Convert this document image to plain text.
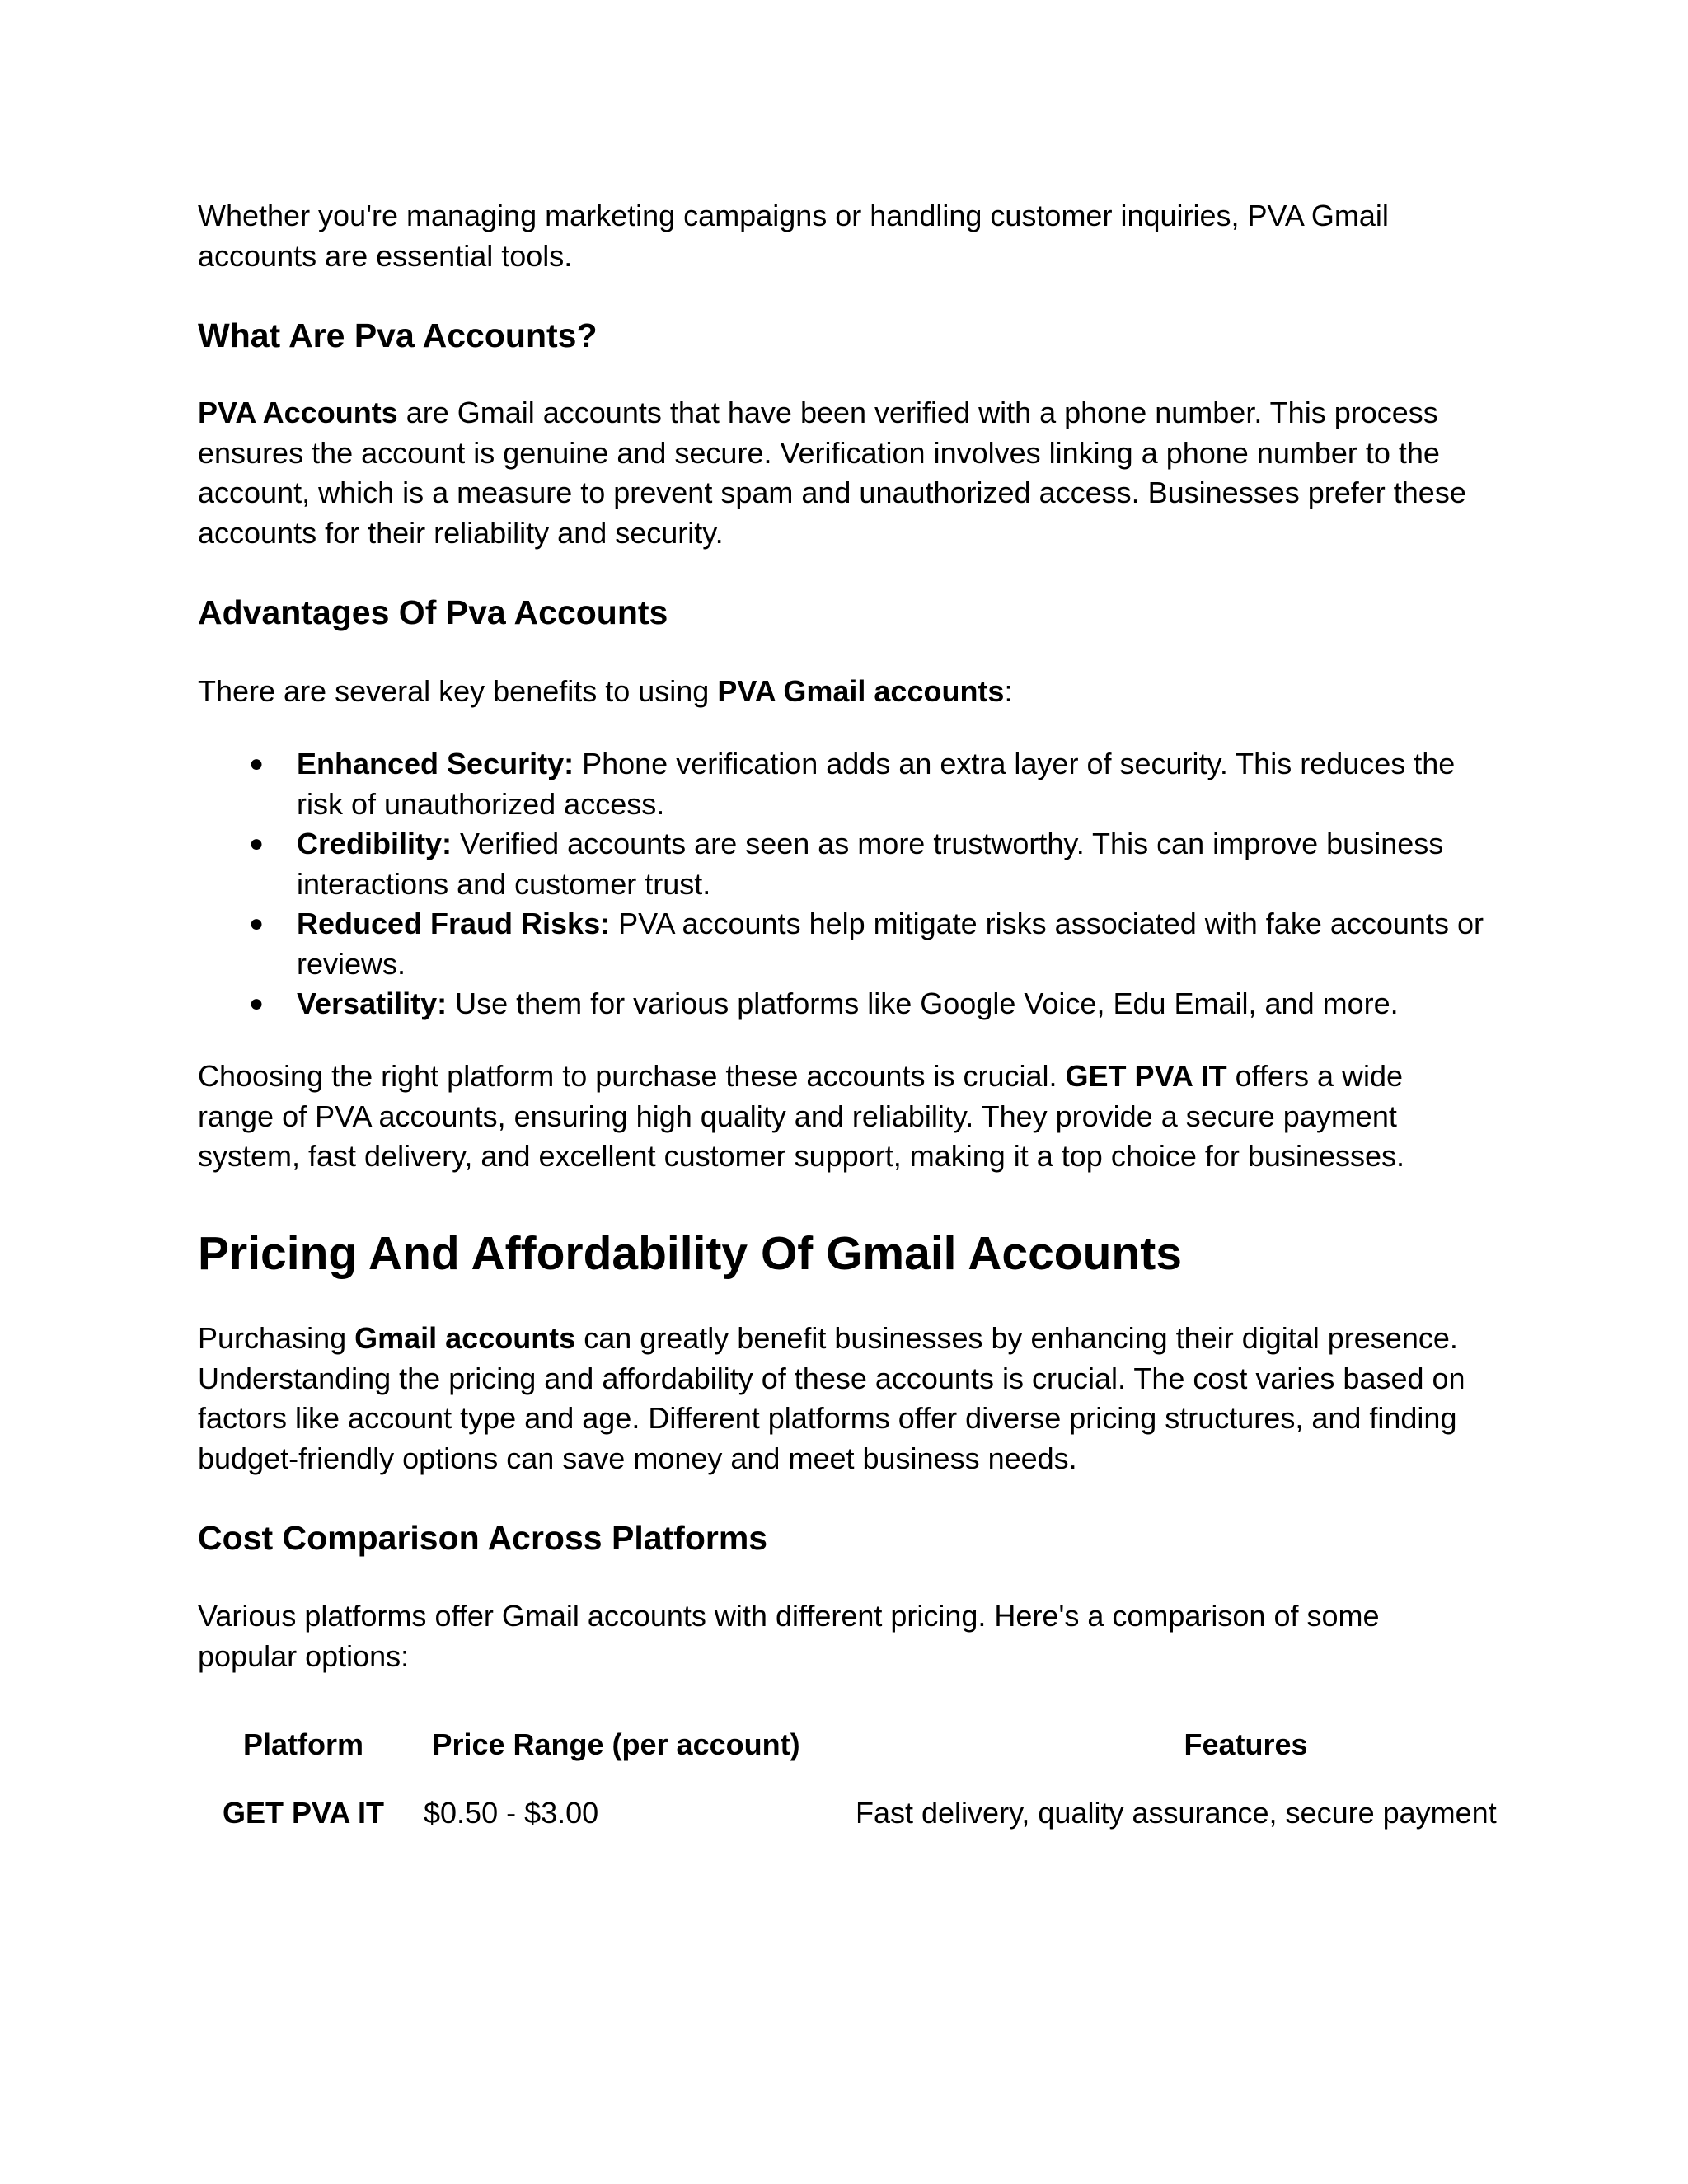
Whether you're managing marketing campaigns or handling customer inquiries, PVA Gmail accounts are essential tools.

What Are Pva Accounts?

PVA Accounts are Gmail accounts that have been verified with a phone number. This process ensures the account is genuine and secure. Verification involves linking a phone number to the account, which is a measure to prevent spam and unauthorized access. Businesses prefer these accounts for their reliability and security.

Advantages Of Pva Accounts

There are several key benefits to using PVA Gmail accounts:

● Enhanced Security: Phone verification adds an extra layer of security. This reduces the risk of unauthorized access.
● Credibility: Verified accounts are seen as more trustworthy. This can improve business interactions and customer trust.
● Reduced Fraud Risks: PVA accounts help mitigate risks associated with fake accounts or reviews.
● Versatility: Use them for various platforms like Google Voice, Edu Email, and more.

Choosing the right platform to purchase these accounts is crucial. GET PVA IT offers a wide range of PVA accounts, ensuring high quality and reliability. They provide a secure payment system, fast delivery, and excellent customer support, making it a top choice for businesses.

Pricing And Affordability Of Gmail Accounts

Purchasing Gmail accounts can greatly benefit businesses by enhancing their digital presence. Understanding the pricing and affordability of these accounts is crucial. The cost varies based on factors like account type and age. Different platforms offer diverse pricing structures, and finding budget-friendly options can save money and meet business needs.

Cost Comparison Across Platforms

Various platforms offer Gmail accounts with different pricing. Here's a comparison of some popular options:

Platform	Price Range (per account)	Features
GET PVA IT	$0.50 - $3.00	Fast delivery, quality assurance, secure payment
